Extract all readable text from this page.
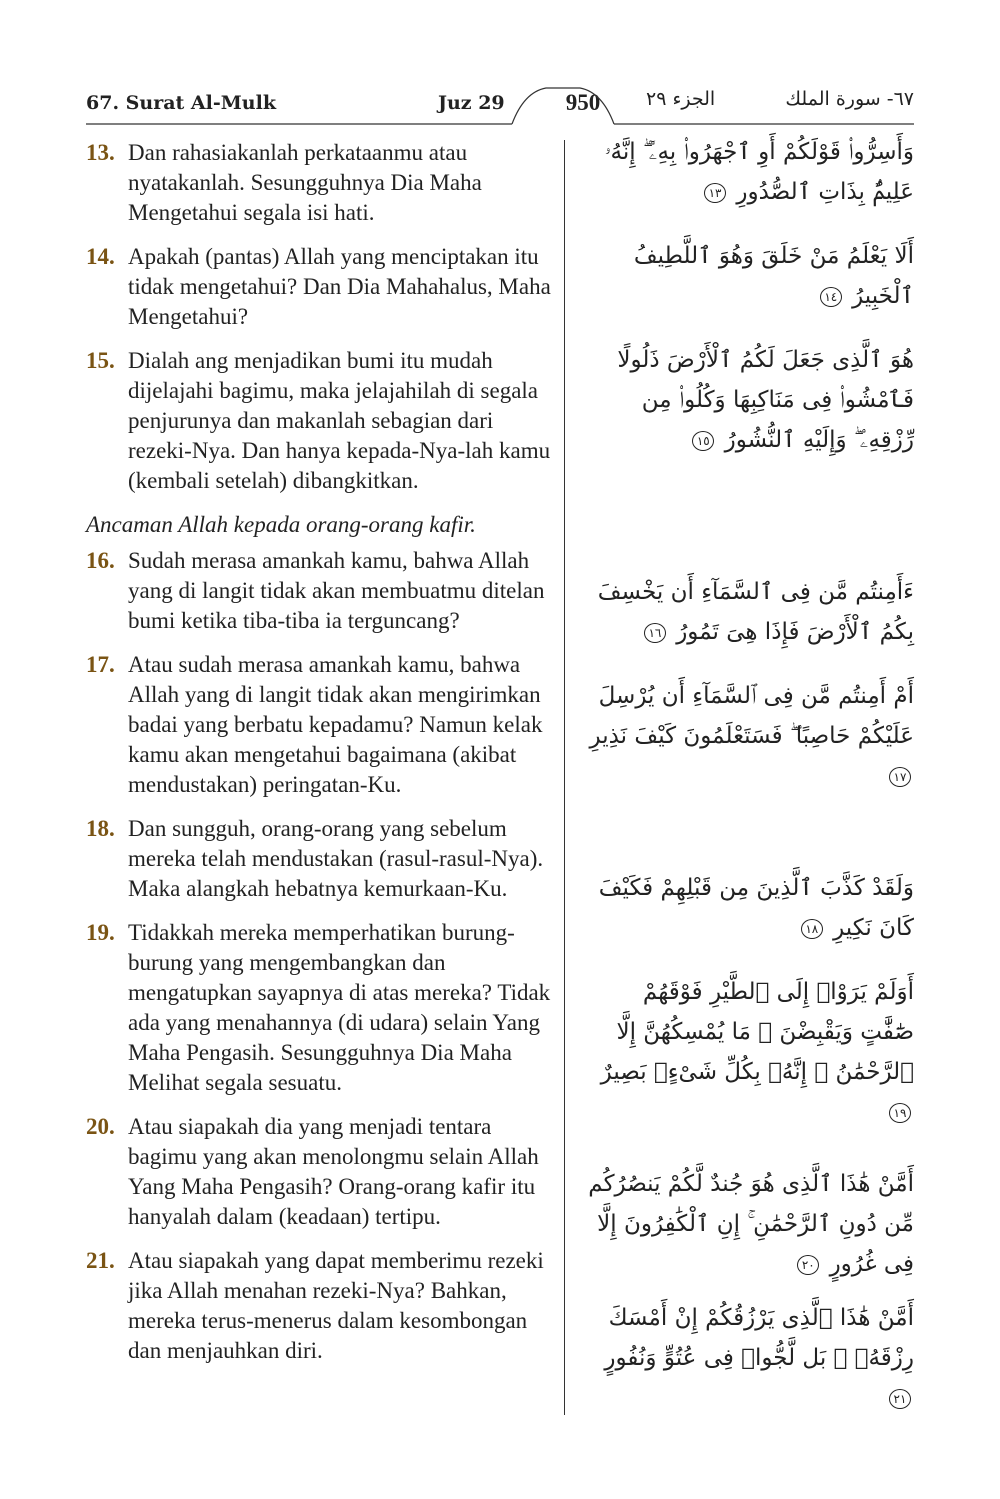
67. Surat Al-Mulk	Juz 29	950	الجزء ٢٩	٦٧- سورة الملك
13. Dan rahasiakanlah perkataanmu atau nyatakanlah. Sesungguhnya Dia Maha Mengetahui segala isi hati.
14. Apakah (pantas) Allah yang menciptakan itu tidak mengetahui? Dan Dia Mahahalus, Maha Mengetahui?
15. Dialah ang menjadikan bumi itu mudah dijelajahi bagimu, maka jelajahilah di segala penjurunya dan makanlah sebagian dari rezeki-Nya. Dan hanya kepada-Nya-lah kamu (kembali setelah) dibangkitkan.
Ancaman Allah kepada orang-orang kafir.
16. Sudah merasa amankah kamu, bahwa Allah yang di langit tidak akan membuatmu ditelan bumi ketika tiba-tiba ia terguncang?
17. Atau sudah merasa amankah kamu, bahwa Allah yang di langit tidak akan mengirimkan badai yang berbatu kepadamu? Namun kelak kamu akan mengetahui bagaimana (akibat mendustakan) peringatan-Ku.
18. Dan sungguh, orang-orang yang sebelum mereka telah mendustakan (rasul-rasul-Nya). Maka alangkah hebatnya kemurkaan-Ku.
19. Tidakkah mereka memperhatikan burung-burung yang mengembangkan dan mengatupkan sayapnya di atas mereka? Tidak ada yang menahannya (di udara) selain Yang Maha Pengasih. Sesungguhnya Dia Maha Melihat segala sesuatu.
20. Atau siapakah dia yang menjadi tentara bagimu yang akan menolongmu selain Allah Yang Maha Pengasih? Orang-orang kafir itu hanyalah dalam (keadaan) tertipu.
21. Atau siapakah yang dapat memberimu rezeki jika Allah menahan rezeki-Nya? Bahkan, mereka terus-menerus dalam kesombongan dan menjauhkan diri.
وَأَسِرُّوا۟ قَوْلَكُمْ أَوِ ٱجْهَرُوا۟ بِهِۦٓ ۖ إِنَّهُۥ عَلِيمٌۢ بِذَاتِ ٱلصُّدُورِ ١٣
أَلَا يَعْلَمُ مَنْ خَلَقَ وَهُوَ ٱللَّطِيفُ ٱلْخَبِيرُ ١٤
هُوَ ٱلَّذِى جَعَلَ لَكُمُ ٱلْأَرْضَ ذَلُولًا فَٱمْشُوا۟ فِى مَنَاكِبِهَا وَكُلُوا۟ مِن رِّزْقِهِۦ ۖ وَإِلَيْهِ ٱلنُّشُورُ ١٥
ءَأَمِنتُم مَّن فِى ٱلسَّمَآءِ أَن يَخْسِفَ بِكُمُ ٱلْأَرْضَ فَإِذَا هِىَ تَمُورُ ١٦
أَمْ أَمِنتُم مَّن فِى ٱلسَّمَآءِ أَن يُرْسِلَ عَلَيْكُمْ حَاصِبًا ۖ فَسَتَعْلَمُونَ كَيْفَ نَذِيرِ ١٧
وَلَقَدْ كَذَّبَ ٱلَّذِينَ مِن قَبْلِهِمْ فَكَيْفَ كَانَ نَكِيرِ ١٨
أَوَلَمْ يَرَوْا۟ إِلَى ٱلطَّيْرِ فَوْقَهُمْ صَٰٓفَّٰتٍ وَيَقْبِضْنَ ۚ مَا يُمْسِكُهُنَّ إِلَّا ٱلرَّحْمَٰنُ ۚ إِنَّهُۥ بِكُلِّ شَىْءٍۭ بَصِيرٌ ١٩
أَمَّنْ هَٰذَا ٱلَّذِى هُوَ جُندٌ لَّكُمْ يَنصُرُكُم مِّن دُونِ ٱلرَّحْمَٰنِ ۚ إِنِ ٱلْكَٰفِرُونَ إِلَّا فِى غُرُورٍ ٢٠
أَمَّنْ هَٰذَا ٱلَّذِى يَرْزُقُكُمْ إِنْ أَمْسَكَ رِزْقَهُۥ ۚ بَل لَّجُّوا۟ فِى عُتُوٍّ وَنُفُورٍ ٢١
